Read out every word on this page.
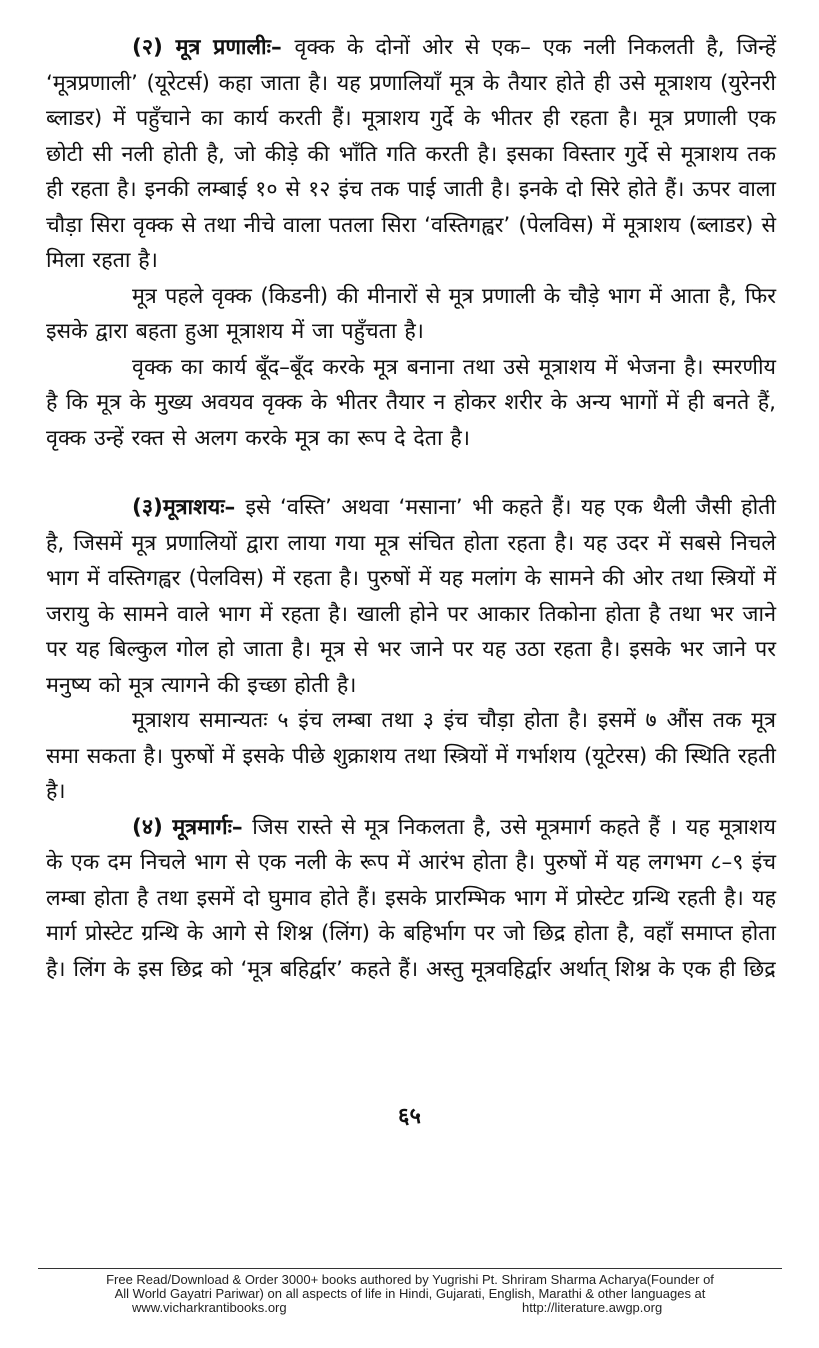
(२) मूत्र प्रणालीः– वृक्क के दोनों ओर से एक– एक नली निकलती है, जिन्हें ‘मूत्रप्रणाली’ (यूरेटर्स) कहा जाता है। यह प्रणालियाँ मूत्र के तैयार होते ही उसे मूत्राशय (युरेनरी ब्लाडर) में पहुँचाने का कार्य करती हैं। मूत्राशय गुर्दे के भीतर ही रहता है। मूत्र प्रणाली एक छोटी सी नली होती है, जो कीड़े की भाँति गति करती है। इसका विस्तार गुर्दे से मूत्राशय तक ही रहता है। इनकी लम्बाई १० से १२ इंच तक पाई जाती है। इनके दो सिरे होते हैं। ऊपर वाला चौड़ा सिरा वृक्क से तथा नीचे वाला पतला सिरा ‘वस्तिगह्वर’ (पेलविस) में मूत्राशय (ब्लाडर) से मिला रहता है।

मूत्र पहले वृक्क (किडनी) की मीनारों से मूत्र प्रणाली के चौड़े भाग में आता है, फिर इसके द्वारा बहता हुआ मूत्राशय में जा पहुँचता है।

वृक्क का कार्य बूँद–बूँद करके मूत्र बनाना तथा उसे मूत्राशय में भेजना है। स्मरणीय है कि मूत्र के मुख्य अवयव वृक्क के भीतर तैयार न होकर शरीर के अन्य भागों में ही बनते हैं, वृक्क उन्हें रक्त से अलग करके मूत्र का रूप दे देता है।

(३)मूत्राशयः– इसे ‘वस्ति’ अथवा ‘मसाना’ भी कहते हैं। यह एक थैली जैसी होती है, जिसमें मूत्र प्रणालियों द्वारा लाया गया मूत्र संचित होता रहता है। यह उदर में सबसे निचले भाग में वस्तिगह्वर (पेलविस) में रहता है। पुरुषों में यह मलांग के सामने की ओर तथा स्त्रियों में जरायु के सामने वाले भाग में रहता है। खाली होने पर आकार तिकोना होता है तथा भर जाने पर यह बिल्कुल गोल हो जाता है। मूत्र से भर जाने पर यह उठा रहता है। इसके भर जाने पर मनुष्य को मूत्र त्यागने की इच्छा होती है।

मूत्राशय समान्यतः ५ इंच लम्बा तथा ३ इंच चौड़ा होता है। इसमें ७ औंस तक मूत्र समा सकता है। पुरुषों में इसके पीछे शुक्राशय तथा स्त्रियों में गर्भाशय (यूटेरस) की स्थिति रहती है।

(४) मूत्रमार्गः– जिस रास्ते से मूत्र निकलता है, उसे मूत्रमार्ग कहते हैं । यह मूत्राशय के एक दम निचले भाग से एक नली के रूप में आरंभ होता है। पुरुषों में यह लगभग ८–९ इंच लम्बा होता है तथा इसमें दो घुमाव होते हैं। इसके प्रारम्भिक भाग में प्रोस्टेट ग्रन्थि रहती है। यह मार्ग प्रोस्टेट ग्रन्थि के आगे से शिश्न (लिंग) के बहिर्भाग पर जो छिद्र होता है, वहाँ समाप्त होता है। लिंग के इस छिद्र को ‘मूत्र बहिर्द्वार’ कहते हैं। अस्तु मूत्रवहिर्द्वार अर्थात् शिश्न के एक ही छिद्र

६५
Free Read/Download & Order 3000+ books authored by Yugrishi Pt. Shriram Sharma Acharya(Founder of
All World Gayatri Pariwar) on all aspects of life in Hindi, Gujarati, English, Marathi & other languages at
www.vicharkrantibooks.org	http://literature.awgp.org
